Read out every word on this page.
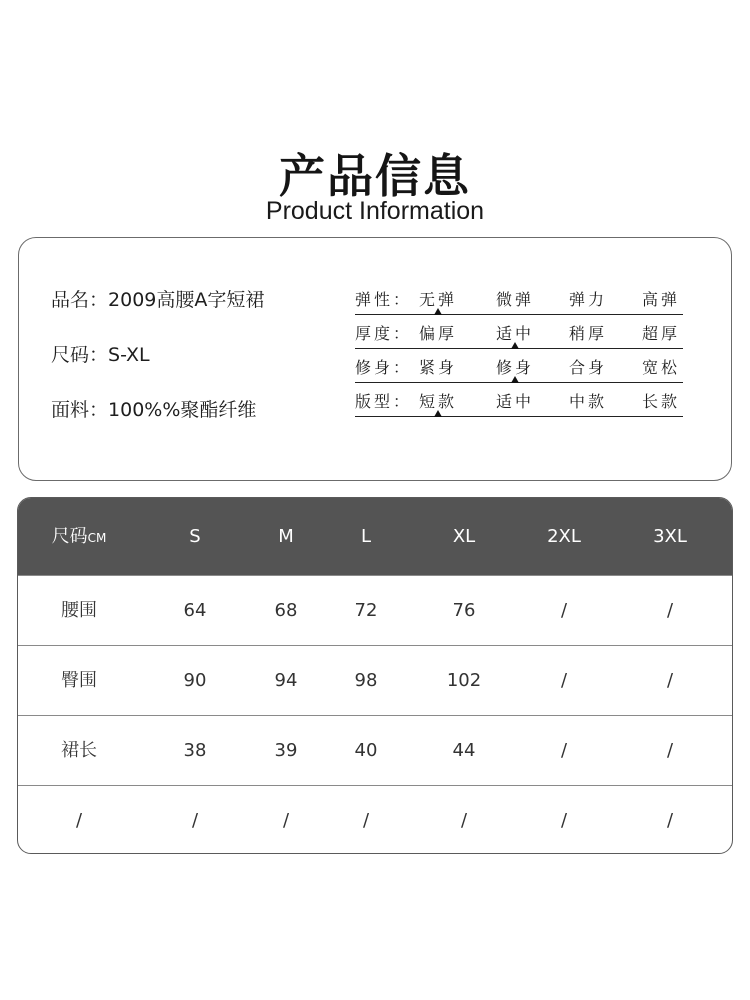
产品信息
Product Information
品名：2009高腰A字短裙
尺码：S-XL
面料：100%%聚酯纤维
弹性： 无弹 微弹 弹力 高弹
厚度： 偏厚 适中 稍厚 超厚
修身： 紧身 修身 合身 宽松
版型： 短款 适中 中款 长款
尺码CM	S	M	L	XL	2XL	3XL
腰围	64	68	72	76	/	/
臀围	90	94	98	102	/	/
裙长	38	39	40	44	/	/
/	/	/	/	/	/	/
